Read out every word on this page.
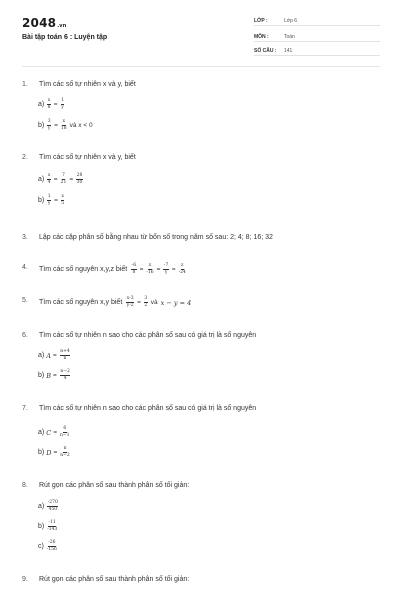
2048.vn
Bài tập toán 6 : Luyện tập
LỚP :	Lớp 6
MÔN :	Toán
SỐ CÂU : 141
1. Tìm các số tự nhiên x và y, biết
$a) \frac{x}{8} = \frac{1}{y}$
$b) \frac{3}{y} = \frac{x}{18}$ và x < 0
2. Tìm các số tự nhiên x và y, biết
$a) \frac{x}{4} = \frac{7}{21} = \frac{28}{30}$
$b) \frac{1}{y} = \frac{x}{5}$
3. Lập các cặp phân số bằng nhau từ bốn số trong năm số sau: 2; 4; 8; 16; 32
4. Tìm các số nguyên x,y,z biết $\frac{-6}{8} = \frac{x}{-16} = \frac{-7}{y} = \frac{z}{-24}$
5. Tìm các số nguyên x,y biết $\frac{x-3}{y-2} = \frac{3}{2}$ và x − y = 4
6. Tìm các số tự nhiên n sao cho các phân số sau có giá trị là số nguyên
a) $A = \frac{n+4}{n}$
b) $B = \frac{n-2}{4}$
7. Tìm các số tự nhiên n sao cho các phân số sau có giá trị là số nguyên
a) $C = \frac{6}{n-1}$
b) $D = \frac{n}{n-2}$
8. Rút gọn các phân số sau thành phân số tối giản:
$a) \frac{-270}{450}$
$b) \frac{-11}{-143}$
$c) \frac{-26}{-156}$
9. Rút gọn các phân số sau thành phân số tối giản:
